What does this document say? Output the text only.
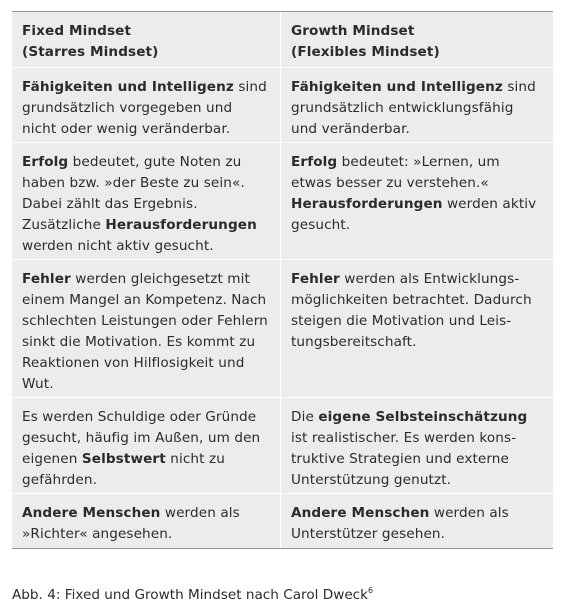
Fixed Mindset
(Starres Mindset)
Growth Mindset
(Flexibles Mindset)
Fähigkeiten und Intelligenz sind grundsätzlich vorgegeben und nicht oder wenig veränderbar.
Fähigkeiten und Intelligenz sind grundsätzlich entwicklungsfähig und veränderbar.
Erfolg bedeutet, gute Noten zu haben bzw. »der Beste zu sein«. Dabei zählt das Ergebnis. Zusätzliche Herausforderungen werden nicht aktiv gesucht.
Erfolg bedeutet: »Lernen, um etwas besser zu verstehen.« Herausforderungen werden aktiv gesucht.
Fehler werden gleichgesetzt mit einem Mangel an Kompetenz. Nach schlechten Leistungen oder Fehlern sinkt die Motivation. Es kommt zu Reaktionen von Hilflosigkeit und Wut.
Fehler werden als Entwicklungsmöglichkeiten betrachtet. Dadurch steigen die Motivation und Leistungsbereitschaft.
Es werden Schuldige oder Gründe gesucht, häufig im Außen, um den eigenen Selbstwert nicht zu gefährden.
Die eigene Selbsteinschätzung ist realistischer. Es werden konstruktive Strategien und externe Unterstützung genutzt.
Andere Menschen werden als »Richter« angesehen.
Andere Menschen werden als Unterstützer gesehen.
Abb. 4: Fixed und Growth Mindset nach Carol Dweck$^6$
